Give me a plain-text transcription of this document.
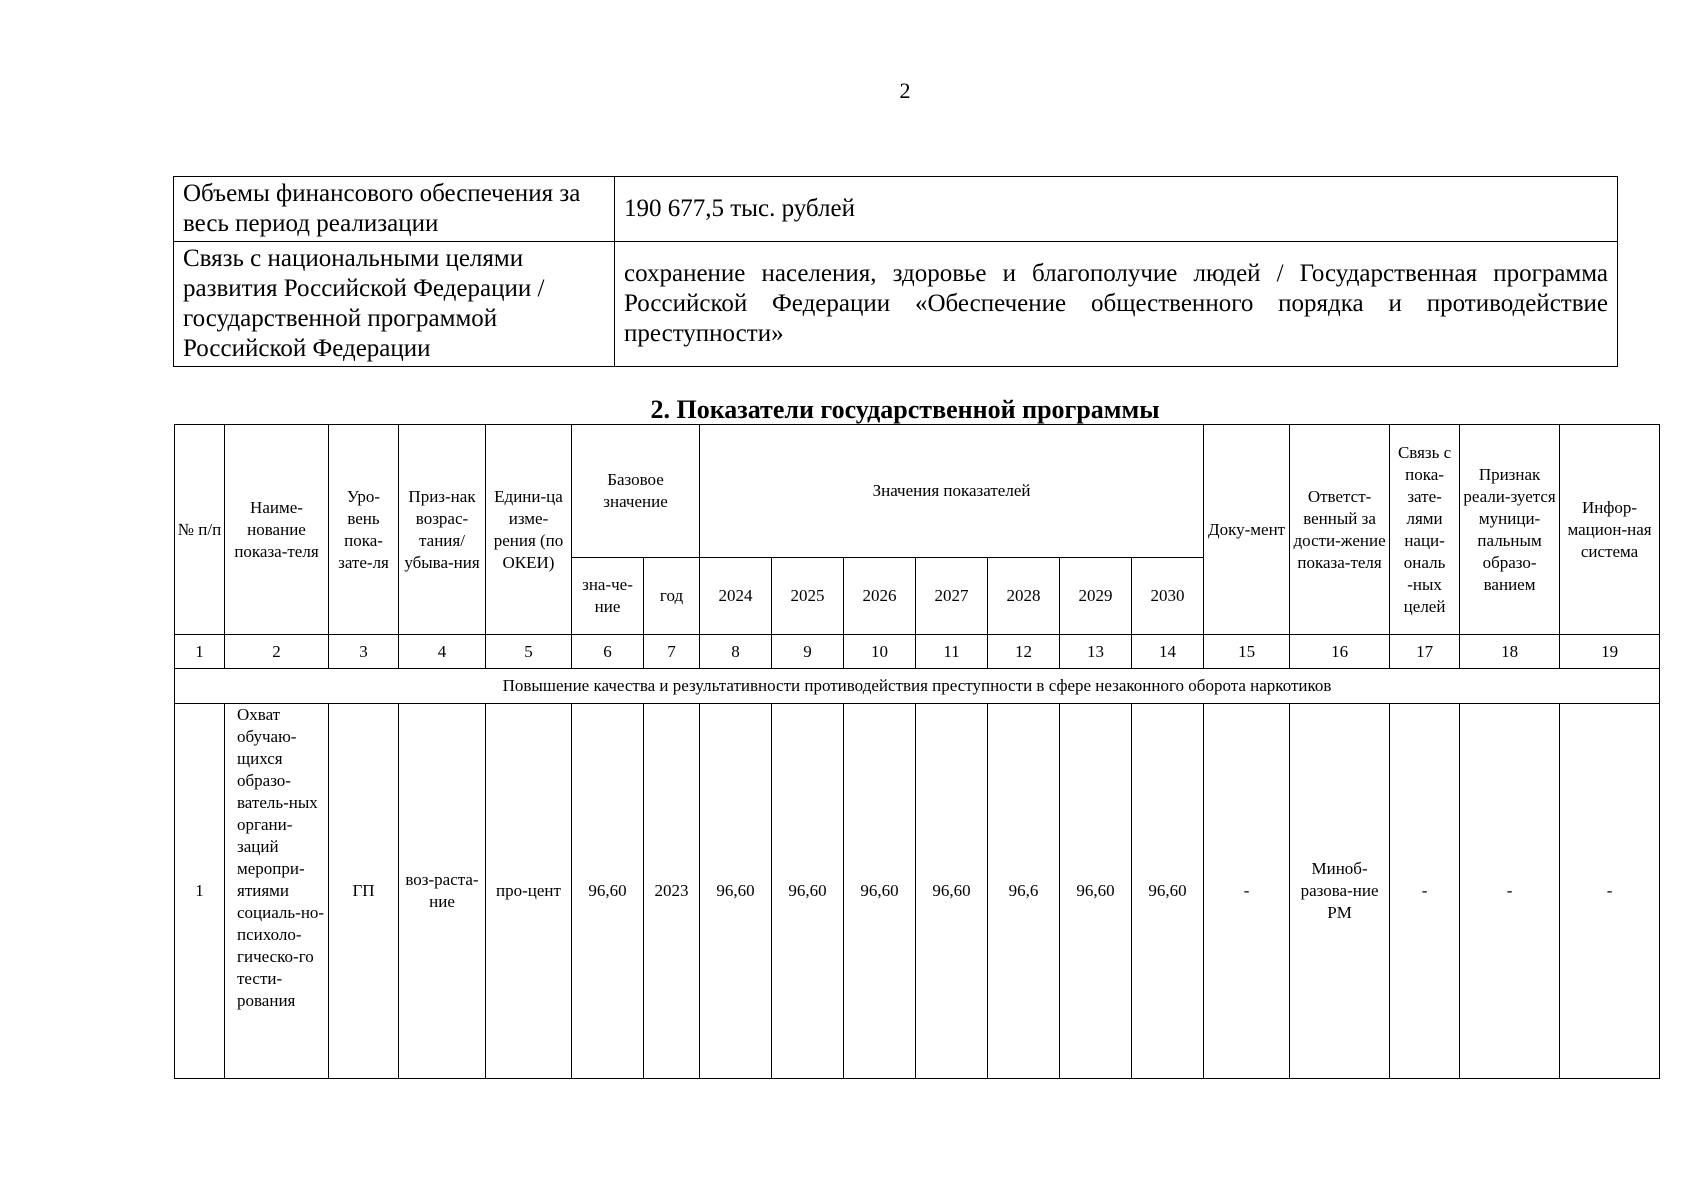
2
Объемы финансового обеспечения за весь период реализации	190 677,5 тыс. рублей
Связь с национальными целями развития Российской Федерации / государственной программой Российской Федерации	сохранение населения, здоровье и благополучие людей / Государственная программа Российской Федерации «Обеспечение общественного порядка и противодействие преступности»
2. Показатели государственной программы
№ п/п	Наиме-нование показа-теля	Уро-вень пока-зате-ля	Приз-нак возрас-тания/ убыва-ния	Едини-ца изме-рения (по ОКЕИ)	Базовое значение		Значения показателей							Доку-мент	Ответст-венный за дости-жение показа-теля	Связь с пока-зате-лями наци-ональ -ных целей	Признак реали-зуется муници-пальным образо-ванием	Инфор-мацион-ная система
					зна-че-ние	год	2024	2025	2026	2027	2028	2029	2030					
1	2	3	4	5	6	7	8	9	10	11	12	13	14	15	16	17	18	19
Повышение качества и результативности противодействия преступности в сфере незаконного оборота наркотиков																		
1	Охват обучаю-щихся образо-ватель-ных органи-заций меропри-ятиями социаль-но-психоло-гическо-го тести-рования	ГП	воз-раста-ние	про-цент	96,60	2023	96,60	96,60	96,60	96,60	96,6	96,60	96,60	-	Миноб-разова-ние РМ	-	-	-
